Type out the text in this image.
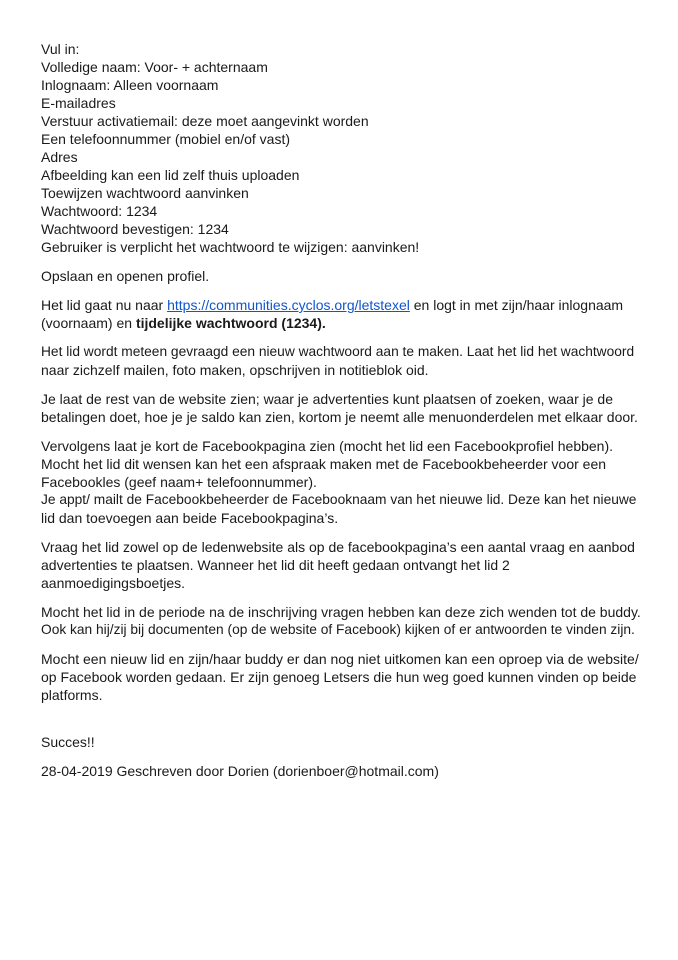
Vul in:
Volledige naam: Voor- + achternaam
Inlognaam: Alleen voornaam
E-mailadres
Verstuur activatiemail: deze moet aangevinkt worden
Een telefoonnummer (mobiel en/of vast)
Adres
Afbeelding kan een lid zelf thuis uploaden
Toewijzen wachtwoord aanvinken
Wachtwoord: 1234
Wachtwoord bevestigen: 1234
Gebruiker is verplicht het wachtwoord te wijzigen: aanvinken!
Opslaan en openen profiel.
Het lid gaat nu naar https://communities.cyclos.org/letstexel en logt in met zijn/haar inlognaam
(voornaam) en tijdelijke wachtwoord (1234).
Het lid wordt meteen gevraagd een nieuw wachtwoord aan te maken. Laat het lid het wachtwoord
naar zichzelf mailen, foto maken, opschrijven in notitieblok oid.
Je laat de rest van de website zien; waar je advertenties kunt plaatsen of zoeken, waar je de
betalingen doet, hoe je je saldo kan zien, kortom je neemt alle menuonderdelen met elkaar door.
Vervolgens laat je kort de Facebookpagina zien (mocht het lid een Facebookprofiel hebben).
Mocht het lid dit wensen kan het een afspraak maken met de Facebookbeheerder voor een
Facebookles (geef naam+ telefoonnummer).
Je appt/ mailt de Facebookbeheerder de Facebooknaam van het nieuwe lid. Deze kan het nieuwe
lid dan toevoegen aan beide Facebookpagina’s.
Vraag het lid zowel op de ledenwebsite als op de facebookpagina’s een aantal vraag en aanbod
advertenties te plaatsen. Wanneer het lid dit heeft gedaan ontvangt het lid 2
aanmoedigingsboetjes.
Mocht het lid in de periode na de inschrijving vragen hebben kan deze zich wenden tot de buddy.
Ook kan hij/zij bij documenten (op de website of Facebook) kijken of er antwoorden te vinden zijn.
Mocht een nieuw lid en zijn/haar buddy er dan nog niet uitkomen kan een oproep via de website/
op Facebook worden gedaan. Er zijn genoeg Letsers die hun weg goed kunnen vinden op beide
platforms.
Succes!!
28-04-2019 Geschreven door Dorien (dorienboer@hotmail.com)
